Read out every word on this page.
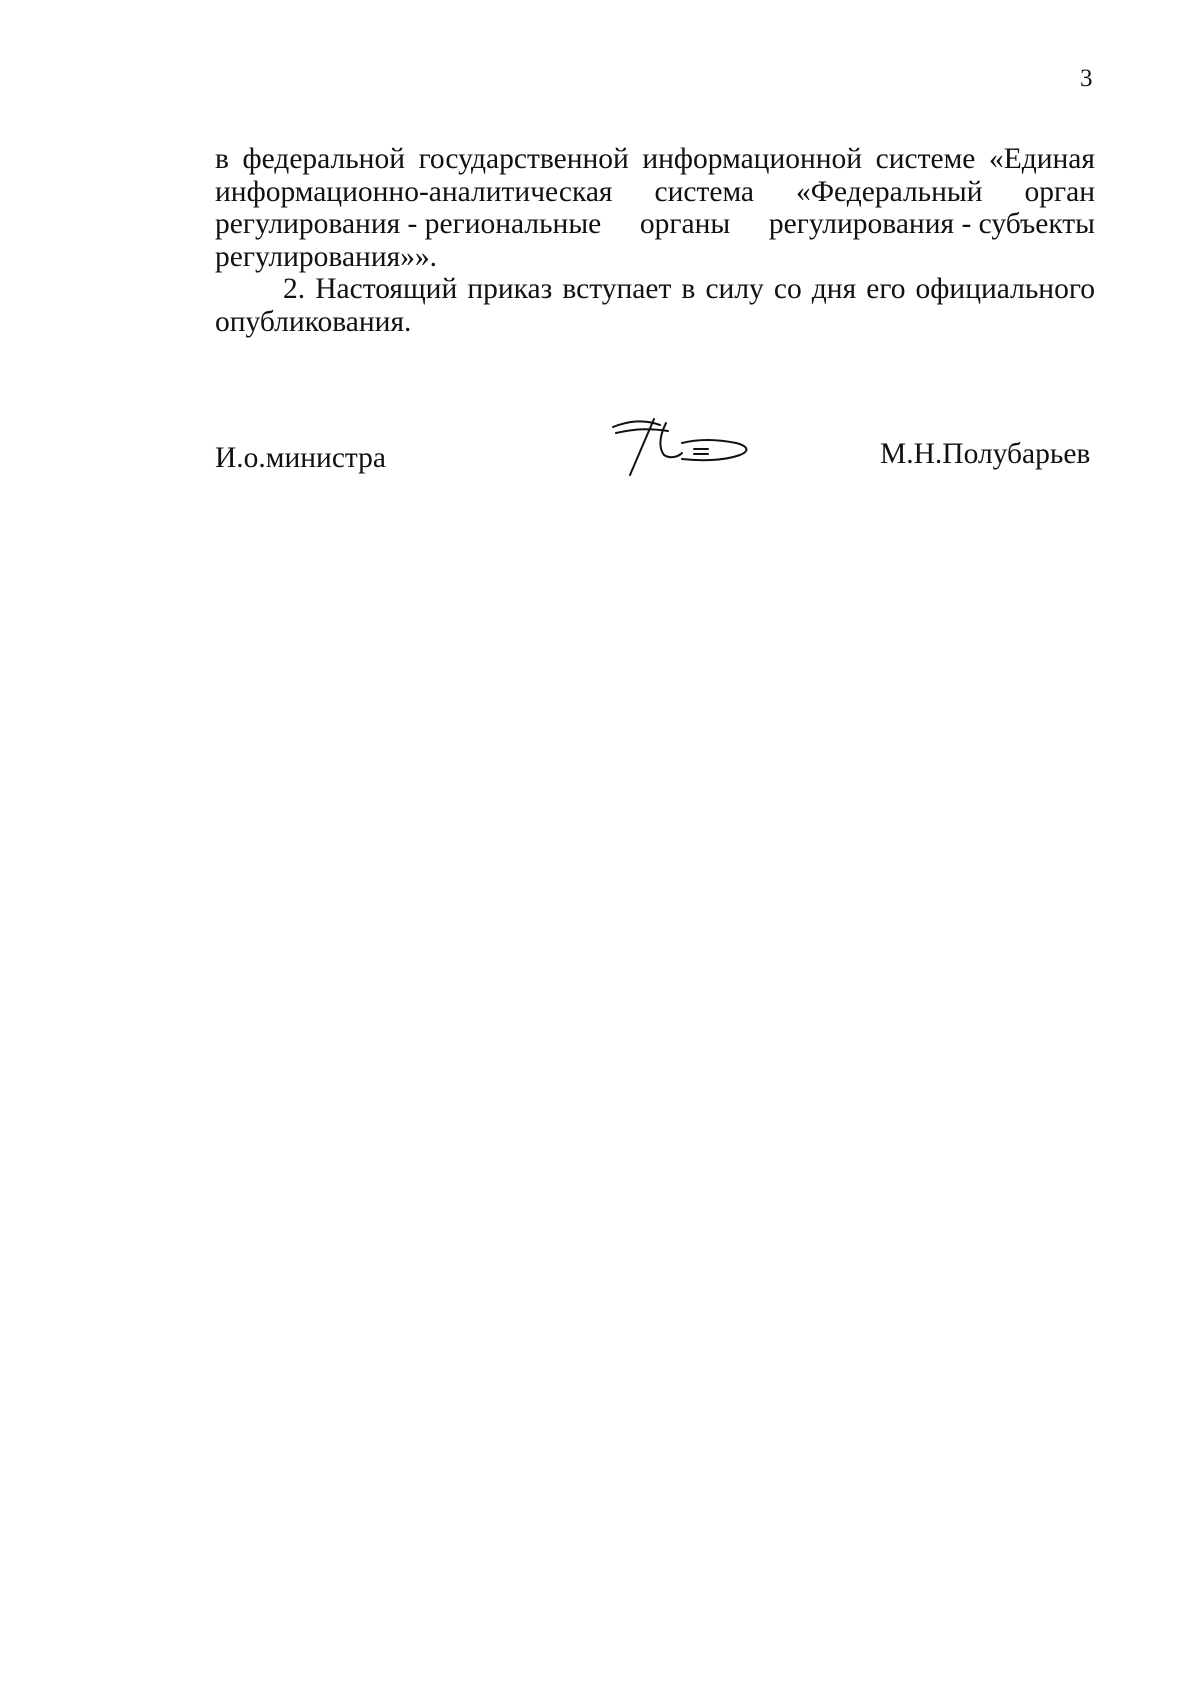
3
в федеральной государственной информационной системе «Единая
информационно-аналитическая система «Федеральный орган
регулирования - региональные органы регулирования - субъекты
регулирования»».
2. Настоящий приказ вступает в силу со дня его официального
опубликования.
И.о.министра	М.Н.Полубарьев
